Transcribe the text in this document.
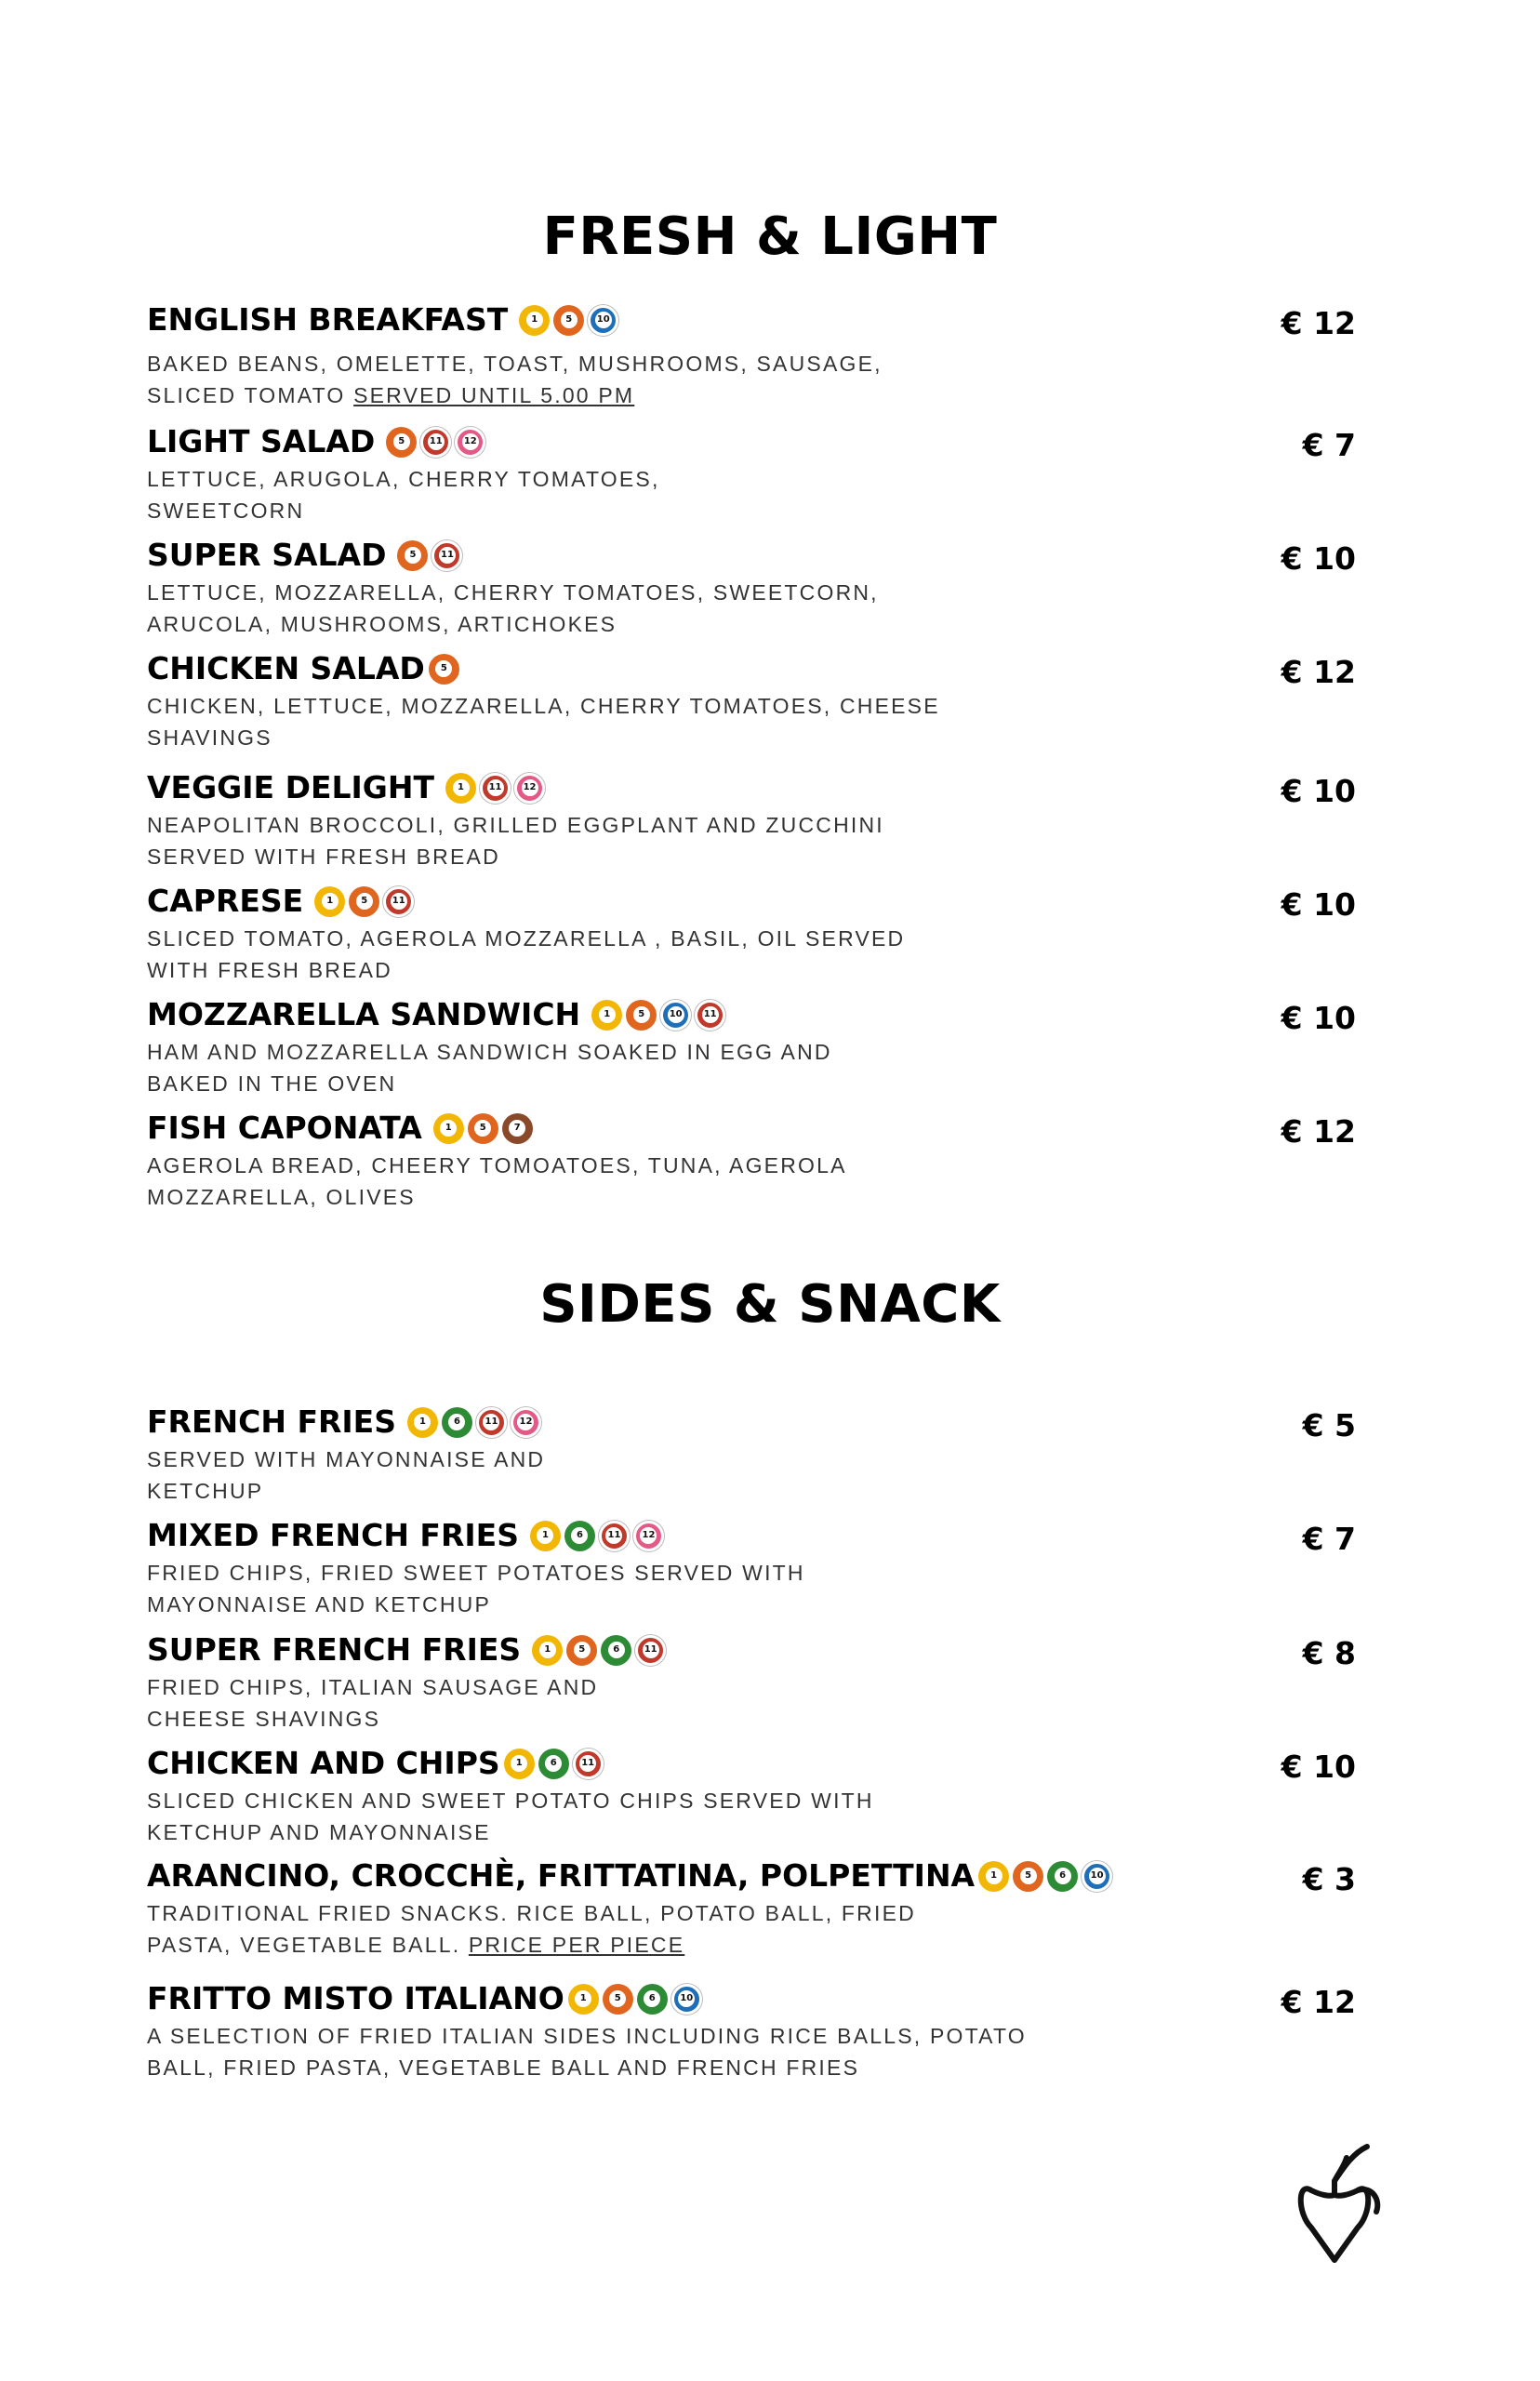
FRESH & LIGHT
SIDES & SNACK
ENGLISH BREAKFAST	1	5	10	€ 12
BAKED BEANS, OMELETTE, TOAST, MUSHROOMS, SAUSAGE,
SLICED TOMATO SERVED UNTIL 5.00 PM
LIGHT SALAD	5	11 12	€ 7
LETTUCE, ARUGOLA, CHERRY TOMATOES,
SWEETCORN
SUPER SALAD	5	11	€ 10
LETTUCE, MOZZARELLA, CHERRY TOMATOES, SWEETCORN,
ARUCOLA, MUSHROOMS, ARTICHOKES
CHICKEN SALAD	5	€ 12
CHICKEN, LETTUCE, MOZZARELLA, CHERRY TOMATOES, CHEESE
SHAVINGS
VEGGIE DELIGHT	1	11 12	€ 10
NEAPOLITAN BROCCOLI, GRILLED EGGPLANT AND ZUCCHINI
SERVED WITH FRESH BREAD
CAPRESE	1	5	11	€ 10
SLICED TOMATO, AGEROLA MOZZARELLA , BASIL, OIL SERVED
WITH FRESH BREAD
MOZZARELLA SANDWICH	1	5	10 11	€ 10
HAM AND MOZZARELLA SANDWICH SOAKED IN EGG AND
BAKED IN THE OVEN
FISH CAPONATA	1	5	7	€ 12
AGEROLA BREAD, CHEERY TOMOATOES, TUNA, AGEROLA
MOZZARELLA, OLIVES
FRENCH FRIES	1	6	11 12	€ 5
SERVED WITH MAYONNAISE AND
KETCHUP
MIXED FRENCH FRIES	1	6	11 12	€ 7
FRIED CHIPS, FRIED SWEET POTATOES SERVED WITH
MAYONNAISE AND KETCHUP
SUPER FRENCH FRIES	1	5	6	11	€ 8
FRIED CHIPS, ITALIAN SAUSAGE AND
CHEESE SHAVINGS
CHICKEN AND CHIPS	1	6	11	€ 10
SLICED CHICKEN AND SWEET POTATO CHIPS SERVED WITH
KETCHUP AND MAYONNAISE
ARANCINO, CROCCHÈ, FRITTATINA, POLPETTINA	1	5	6	10	€ 3
TRADITIONAL FRIED SNACKS. RICE BALL, POTATO BALL, FRIED
PASTA, VEGETABLE BALL. PRICE PER PIECE
FRITTO MISTO ITALIANO	1	5	6	10	€ 12
A SELECTION OF FRIED ITALIAN SIDES INCLUDING RICE BALLS, POTATO
BALL, FRIED PASTA, VEGETABLE BALL AND FRENCH FRIES
